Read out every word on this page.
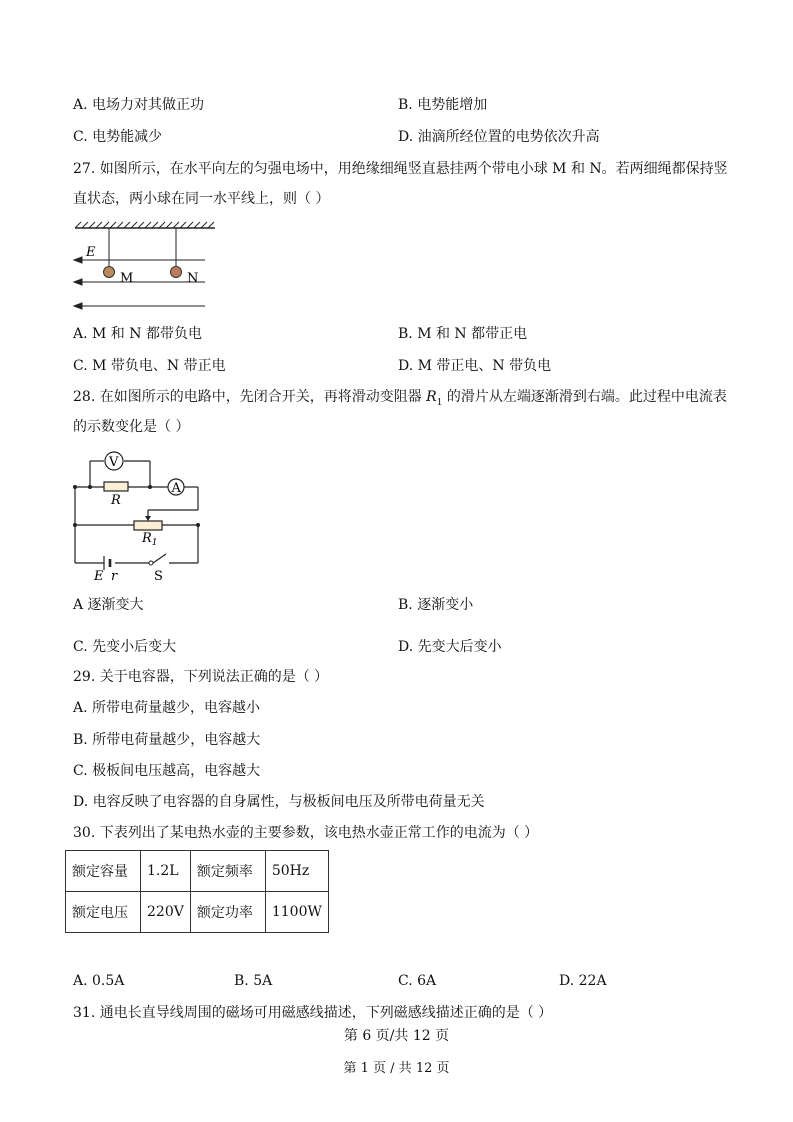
A. 电场力对其做正功	B. 电势能增加
C. 电势能减少	D. 油滴所经位置的电势依次升高
27. 如图所示，在水平向左的匀强电场中，用绝缘细绳竖直悬挂两个带电小球 M 和 N。若两细绳都保持竖
直状态，两小球在同一水平线上，则（ ）
E
M	N
A. M 和 N 都带负电	B. M 和 N 都带正电
C. M 带负电、N 带正电	D. M 带正电、N 带负电
28. 在如图所示的电路中，先闭合开关，再将滑动变阻器 $R_1$ 的滑片从左端逐渐滑到右端。此过程中电流表
的示数变化是（ ）
V
A
R
$R_1$
E r	S
A 逐渐变大	B. 逐渐变小
C. 先变小后变大	D. 先变大后变小
29. 关于电容器，下列说法正确的是（ ）
A. 所带电荷量越少，电容越小
B. 所带电荷量越少，电容越大
C. 极板间电压越高，电容越大
D. 电容反映了电容器的自身属性，与极板间电压及所带电荷量无关
30. 下表列出了某电热水壶的主要参数，该电热水壶正常工作的电流为（ ）
额定容量	1.2L	额定频率	50Hz
额定电压	220V	额定功率	1100W
A. 0.5A	B. 5A	C. 6A	D. 22A
31. 通电长直导线周围的磁场可用磁感线描述，下列磁感线描述正确的是（ ）
第 6 页/共 12 页
第 1 页 / 共 12 页
